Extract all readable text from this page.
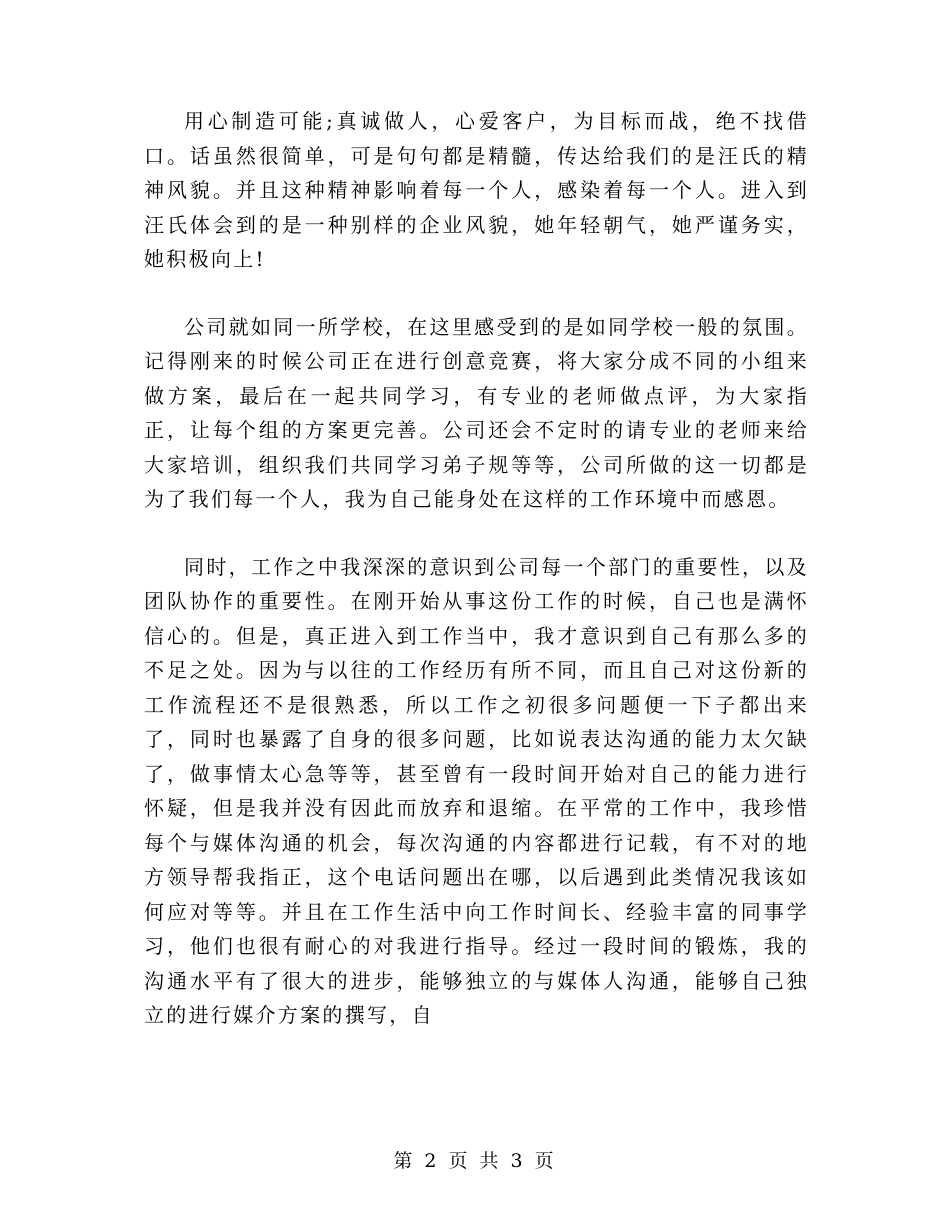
用心制造可能;真诚做人，心爱客户，为目标而战，绝不找借口。话虽然很简单，可是句句都是精髓，传达给我们的是汪氏的精神风貌。并且这种精神影响着每一个人，感染着每一个人。进入到汪氏体会到的是一种别样的企业风貌，她年轻朝气，她严谨务实，她积极向上!

公司就如同一所学校，在这里感受到的是如同学校一般的氛围。记得刚来的时候公司正在进行创意竞赛，将大家分成不同的小组来做方案，最后在一起共同学习，有专业的老师做点评，为大家指正，让每个组的方案更完善。公司还会不定时的请专业的老师来给大家培训，组织我们共同学习弟子规等等，公司所做的这一切都是为了我们每一个人，我为自己能身处在这样的工作环境中而感恩。

同时，工作之中我深深的意识到公司每一个部门的重要性，以及团队协作的重要性。在刚开始从事这份工作的时候，自己也是满怀信心的。但是，真正进入到工作当中，我才意识到自己有那么多的不足之处。因为与以往的工作经历有所不同，而且自己对这份新的工作流程还不是很熟悉，所以工作之初很多问题便一下子都出来了，同时也暴露了自身的很多问题，比如说表达沟通的能力太欠缺了，做事情太心急等等，甚至曾有一段时间开始对自己的能力进行怀疑，但是我并没有因此而放弃和退缩。在平常的工作中，我珍惜每个与媒体沟通的机会，每次沟通的内容都进行记载，有不对的地方领导帮我指正，这个电话问题出在哪，以后遇到此类情况我该如何应对等等。并且在工作生活中向工作时间长、经验丰富的同事学习，他们也很有耐心的对我进行指导。经过一段时间的锻炼，我的沟通水平有了很大的进步，能够独立的与媒体人沟通，能够自己独立的进行媒介方案的撰写，自

第 2 页 共 3 页
